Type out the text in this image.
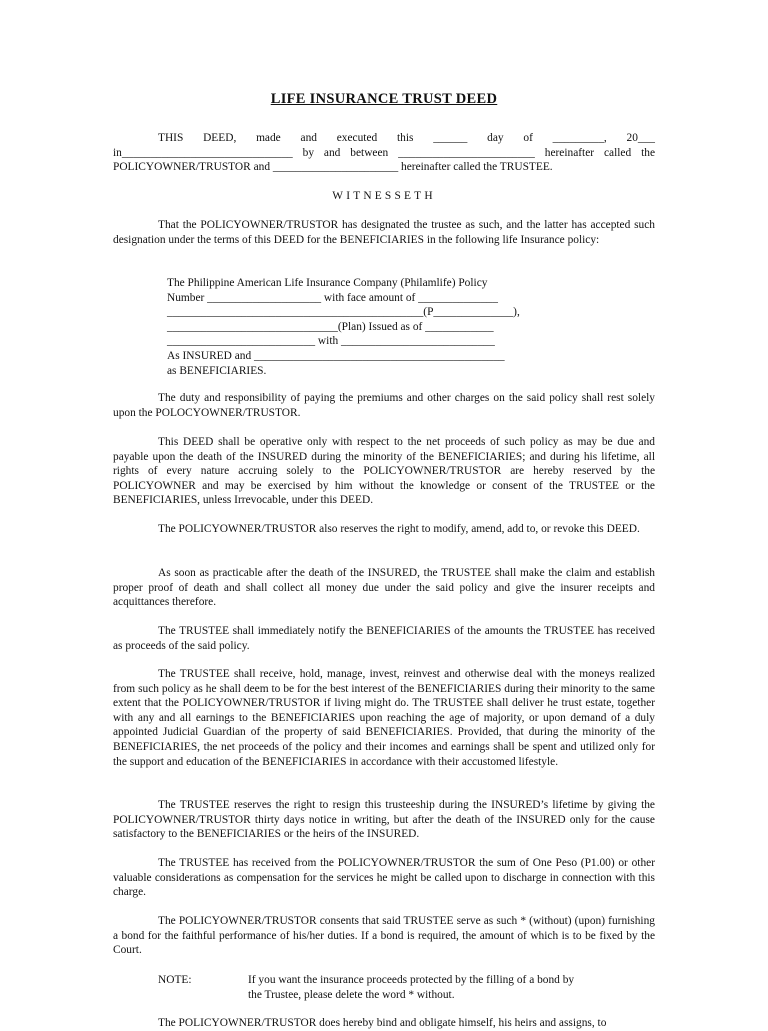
LIFE INSURANCE TRUST DEED
THIS DEED, made and executed this ______ day of _________, 20___
in______________________________ by and between ________________________ hereinafter called the
POLICYOWNER/TRUSTOR and ______________________ hereinafter called the TRUSTEE.
WITNESSETH

That the POLICYOWNER/TRUSTOR has designated the trustee as such, and the latter has accepted such designation under the terms of this DEED for the BENEFICIARIES in the following life Insurance policy:

The Philippine American Life Insurance Company (Philamlife) Policy
Number ____________________ with face amount of ______________
_____________________________________________(P______________),
______________________________(Plan) Issued as of ____________
__________________________ with ___________________________
As INSURED and ____________________________________________
as BENEFICIARIES.

The duty and responsibility of paying the premiums and other charges on the said policy shall rest solely upon the POLOCYOWNER/TRUSTOR.

This DEED shall be operative only with respect to the net proceeds of such policy as may be due and payable upon the death of the INSURED during the minority of the BENEFICIARIES; and during his lifetime, all rights of every nature accruing solely to the POLICYOWNER/TRUSTOR are hereby reserved by the POLICYOWNER and may be exercised by him without the knowledge or consent of the TRUSTEE or the BENEFICIARIES, unless Irrevocable, under this DEED.

The POLICYOWNER/TRUSTOR also reserves the right to modify, amend, add to, or revoke this DEED.

As soon as practicable after the death of the INSURED, the TRUSTEE shall make the claim and establish proper proof of death and shall collect all money due under the said policy and give the insurer receipts and acquittances therefore.

The TRUSTEE shall immediately notify the BENEFICIARIES of the amounts the TRUSTEE has received as proceeds of the said policy.

The TRUSTEE shall receive, hold, manage, invest, reinvest and otherwise deal with the moneys realized from such policy as he shall deem to be for the best interest of the BENEFICIARIES during their minority to the same extent that the POLICYOWNER/TRUSTOR if living might do. The TRUSTEE shall deliver he trust estate, together with any and all earnings to the BENEFICIARIES upon reaching the age of majority, or upon demand of a duly appointed Judicial Guardian of the property of said BENEFICIARIES. Provided, that during the minority of the BENEFICIARIES, the net proceeds of the policy and their incomes and earnings shall be spent and utilized only for the support and education of the BENEFICIARIES in accordance with their accustomed lifestyle.

The TRUSTEE reserves the right to resign this trusteeship during the INSURED’s lifetime by giving the POLICYOWNER/TRUSTOR thirty days notice in writing, but after the death of the INSURED only for the cause satisfactory to the BENEFICIARIES or the heirs of the INSURED.

The TRUSTEE has received from the POLICYOWNER/TRUSTOR the sum of One Peso (P1.00) or other valuable considerations as compensation for the services he might be called upon to discharge in connection with this charge.

The POLICYOWNER/TRUSTOR consents that said TRUSTEE serve as such * (without) (upon) furnishing a bond for the faithful performance of his/her duties. If a bond is required, the amount of which is to be fixed by the Court.

NOTE:	If you want the insurance proceeds protected by the filling of a bond by
the Trustee, please delete the word * without.

The POLICYOWNER/TRUSTOR does hereby bind and obligate himself, his heirs and assigns, to
